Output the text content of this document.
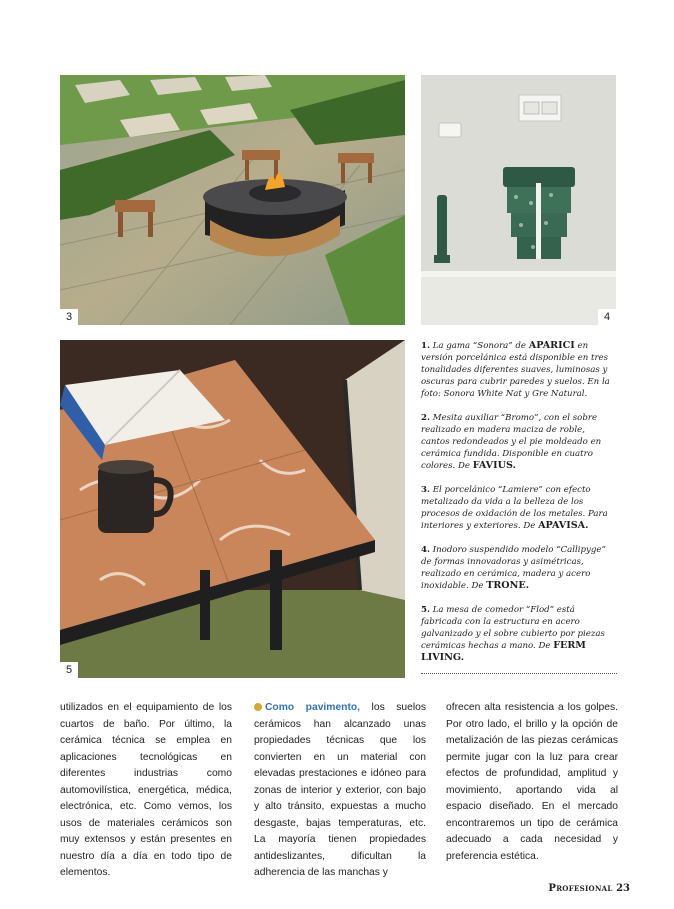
3	4
5
1. La gama “Sonora” de APARICI en versión porcelánica está disponible en tres tonalidades diferentes suaves, luminosas y oscuras para cubrir paredes y suelos. En la foto: Sonora White Nat y Gre Natural.
2. Mesita auxiliar “Bromo”, con el sobre realizado en madera maciza de roble, cantos redondeados y el pie moldeado en cerámica fundida. Disponible en cuatro colores. De FAVIUS.
3. El porcelánico “Lamiere” con efecto metalizado da vida a la belleza de los procesos de oxidación de los metales. Para interiores y exteriores. De APAVISA.
4. Inodoro suspendido modelo “Callipyge” de formas innovadoras y asimétricas, realizado en cerámica, madera y acero inoxidable. De TRONE.
5. La mesa de comedor “Flod” está fabricada con la estructura en acero galvanizado y el sobre cubierto por piezas cerámicas hechas a mano. De FERM LIVING.
utilizados en el equipamiento de los cuartos de baño. Por último, la cerámica técnica se emplea en aplicaciones tecnológicas en diferentes industrias como automovilística, energética, médica, electrónica, etc. Como vemos, los usos de materiales cerámicos son muy extensos y están presentes en nuestro día a día en todo tipo de elementos.
Como pavimento, los suelos cerámicos han alcanzado unas propiedades técnicas que los convierten en un material con elevadas prestaciones e idóneo para zonas de interior y exterior, con bajo y alto tránsito, expuestas a mucho desgaste, bajas temperaturas, etc. La mayoría tienen propiedades antideslizantes, dificultan la adherencia de las manchas y
ofrecen alta resistencia a los golpes. Por otro lado, el brillo y la opción de metalización de las piezas cerámicas permite jugar con la luz para crear efectos de profundidad, amplitud y movimiento, aportando vida al espacio diseñado. En el mercado encontraremos un tipo de cerámica adecuado a cada necesidad y preferencia estética.
Profesional 23
